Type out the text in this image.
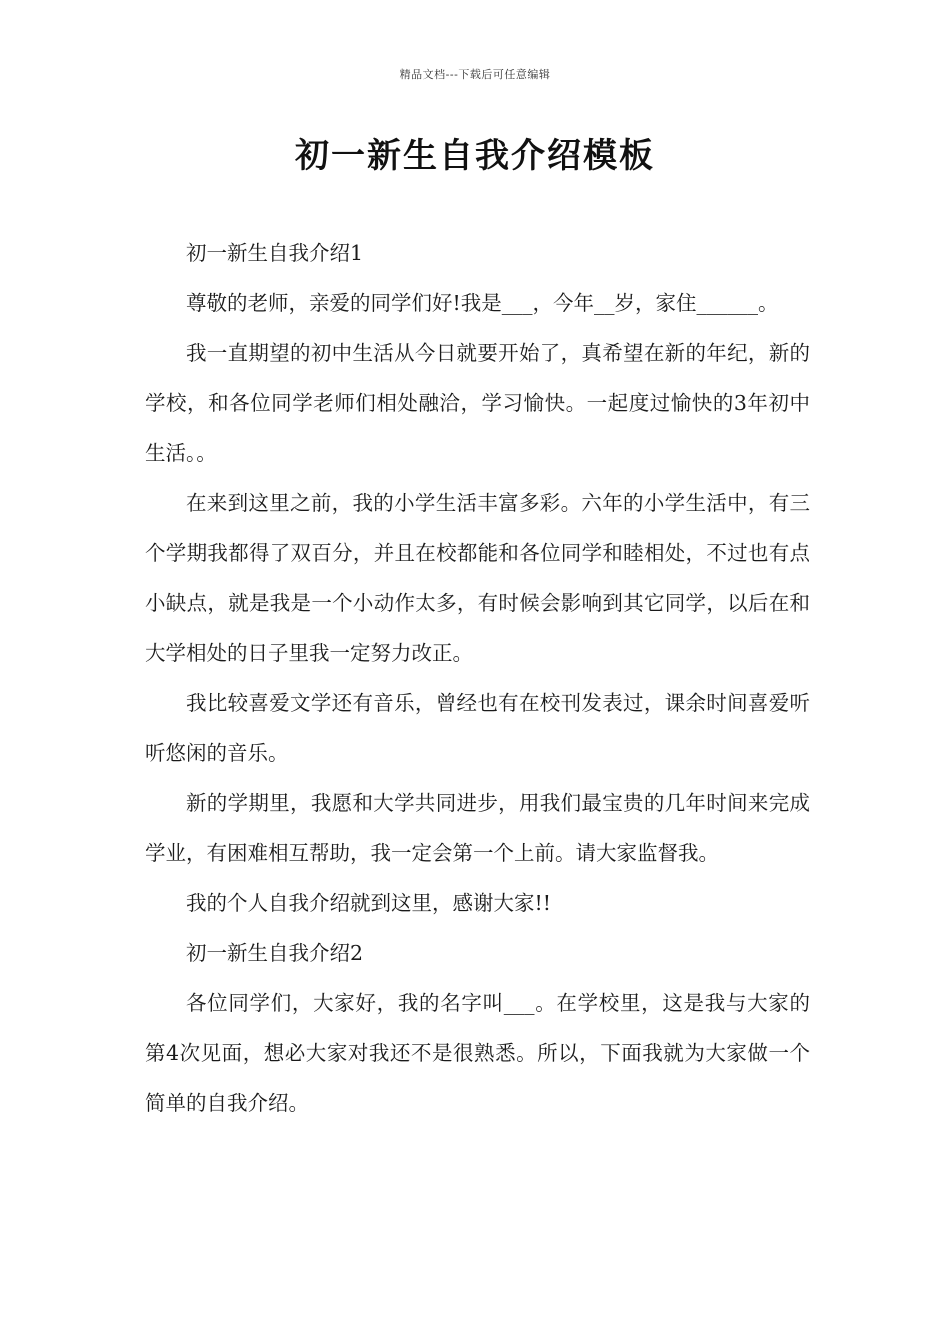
精品文档---下载后可任意编辑
初一新生自我介绍模板

初一新生自我介绍1

尊敬的老师，亲爱的同学们好!我是___，今年__岁，家住______。

我一直期望的初中生活从今日就要开始了，真希望在新的年纪，新的学校，和各位同学老师们相处融洽，学习愉快。一起度过愉快的3年初中生活。。

在来到这里之前，我的小学生活丰富多彩。六年的小学生活中，有三个学期我都得了双百分，并且在校都能和各位同学和睦相处，不过也有点小缺点，就是我是一个小动作太多，有时候会影响到其它同学，以后在和大学相处的日子里我一定努力改正。

我比较喜爱文学还有音乐，曾经也有在校刊发表过，课余时间喜爱听听悠闲的音乐。

新的学期里，我愿和大学共同进步，用我们最宝贵的几年时间来完成学业，有困难相互帮助，我一定会第一个上前。请大家监督我。

我的个人自我介绍就到这里，感谢大家!!

初一新生自我介绍2

各位同学们，大家好，我的名字叫___。在学校里，这是我与大家的第4次见面，想必大家对我还不是很熟悉。所以，下面我就为大家做一个简单的自我介绍。
